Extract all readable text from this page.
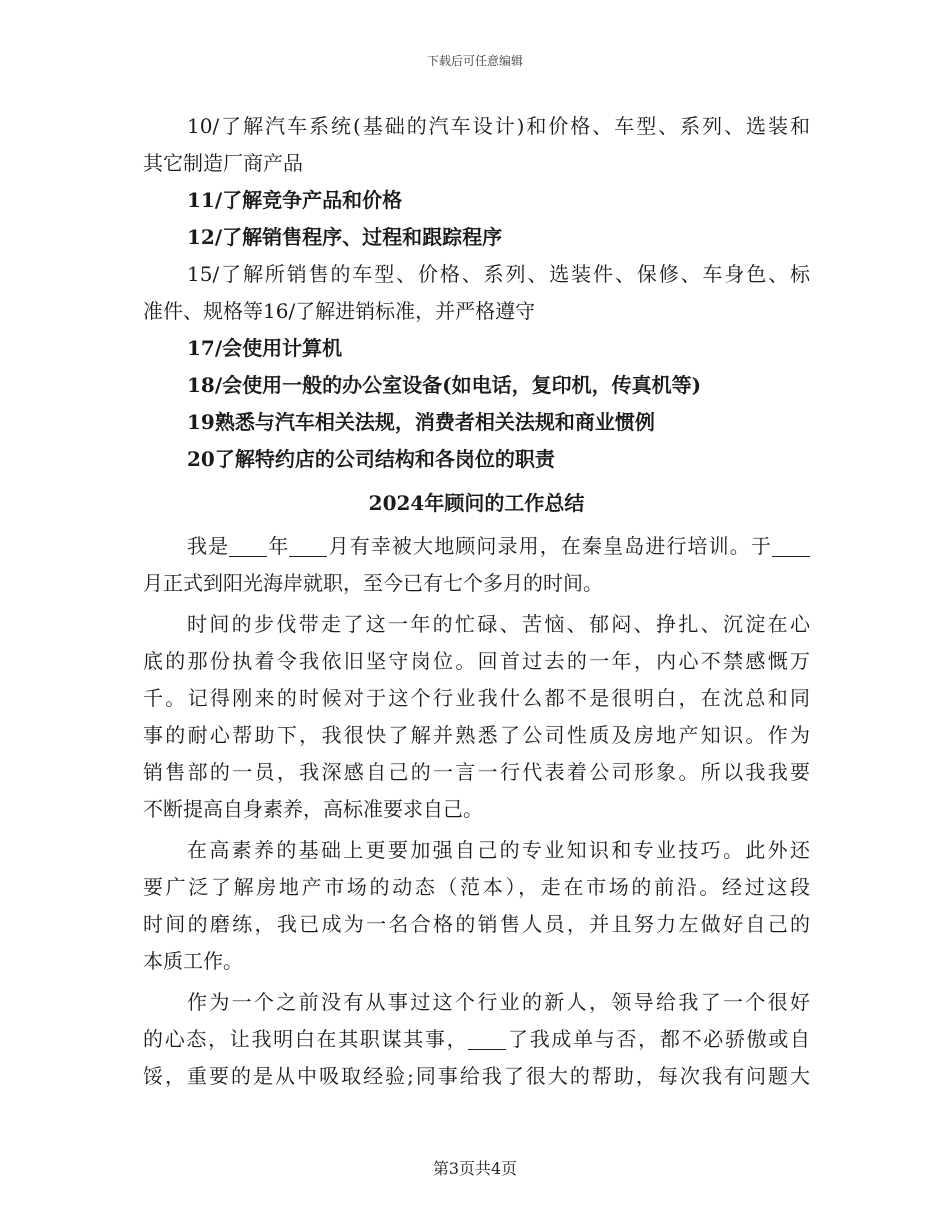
下载后可任意编辑
10/了解汽车系统(基础的汽车设计)和价格、车型、系列、选装和
其它制造厂商产品
11/了解竞争产品和价格
12/了解销售程序、过程和跟踪程序
15/了解所销售的车型、价格、系列、选装件、保修、车身色、标
准件、规格等16/了解进销标准，并严格遵守
17/会使用计算机
18/会使用一般的办公室设备(如电话，复印机，传真机等)
19熟悉与汽车相关法规，消费者相关法规和商业惯例
20了解特约店的公司结构和各岗位的职责
2024年顾问的工作总结
我是 年 月有幸被大地顾问录用，在秦皇岛进行培训。于
月正式到阳光海岸就职，至今已有七个多月的时间。
时间的步伐带走了这一年的忙碌、苦恼、郁闷、挣扎、沉淀在心
底的那份执着令我依旧坚守岗位。回首过去的一年，内心不禁感慨万
千。记得刚来的时候对于这个行业我什么都不是很明白，在沈总和同
事的耐心帮助下，我很快了解并熟悉了公司性质及房地产知识。作为
销售部的一员，我深感自己的一言一行代表着公司形象。所以我我要
不断提高自身素养，高标准要求自己。
在高素养的基础上更要加强自己的专业知识和专业技巧。此外还
要广泛了解房地产市场的动态（范本），走在市场的前沿。经过这段
时间的磨练，我已成为一名合格的销售人员，并且努力左做好自己的
本质工作。
作为一个之前没有从事过这个行业的新人，领导给我了一个很好
的心态，让我明白在其职谋其事， 了我成单与否，都不必骄傲或自
馁，重要的是从中吸取经验;同事给我了很大的帮助，每次我有问题大
第3页共4页
